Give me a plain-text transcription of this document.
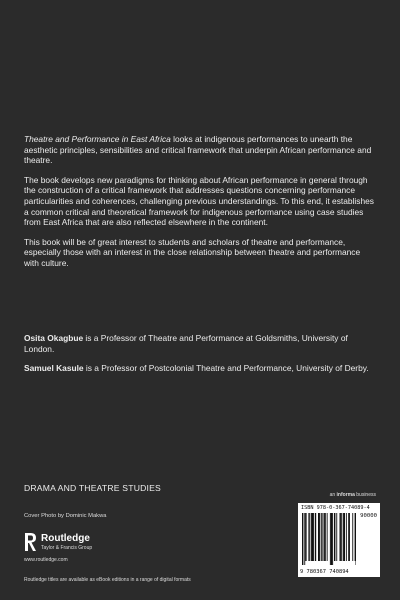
Theatre and Performance in East Africa looks at indigenous performances to unearth the aesthetic principles, sensibilities and critical framework that underpin African performance and theatre.

The book develops new paradigms for thinking about African performance in general through the construction of a critical framework that addresses questions concerning performance particularities and coherences, challenging previous understandings. To this end, it establishes a common critical and theoretical framework for indigenous performance using case studies from East Africa that are also reflected elsewhere in the continent.

This book will be of great interest to students and scholars of theatre and performance, especially those with an interest in the close relationship between theatre and performance with culture.

Osita Okagbue is a Professor of Theatre and Performance at Goldsmiths, University of London.

Samuel Kasule is a Professor of Postcolonial Theatre and Performance, University of Derby.

DRAMA AND THEATRE STUDIES
an informa business
Cover Photo by Dominic Makwa
Routledge
Taylor & Francis Group
www.routledge.com
Routledge titles are available as eBook editions in a range of digital formats
ISBN 978-0-367-74089-4
90000
9 780367 740894
